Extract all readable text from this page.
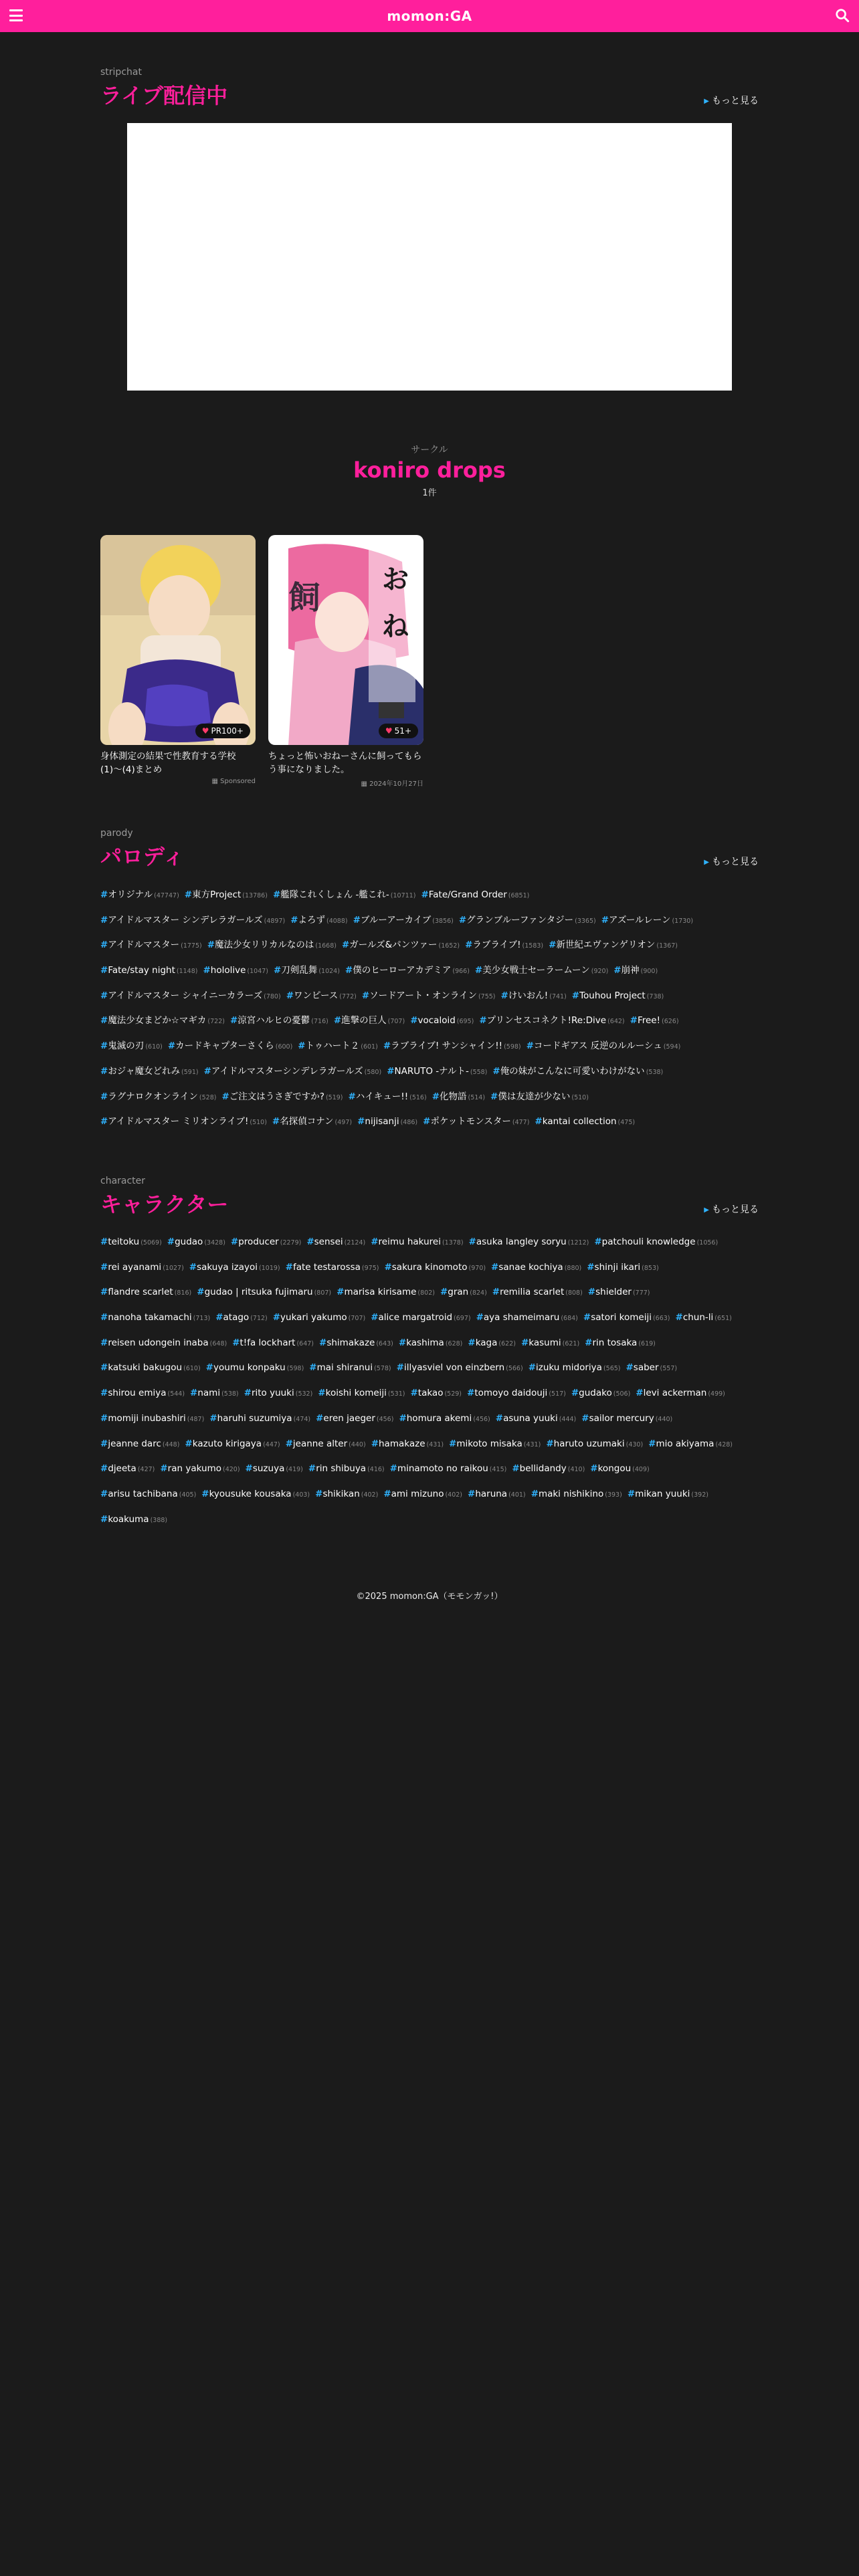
momon:GA
stripchat
ライブ配信中	▶ もっと見る
サークル
koniro drops
1件
♥ PR100+
身体測定の結果で性教育する学校(1)〜(4)まとめ
▦ Sponsored
お
ね
飼
♥ 51+
ちょっと怖いおねーさんに飼ってもらう事になりました。
▦ 2024年10月27日
parody
パロディ	▶ もっと見る
#オリジナル (47747) #東方Project (13786) #艦隊これくしょん -艦これ- (10711) #Fate/Grand Order (6851)
#アイドルマスター シンデレラガールズ (4897) #よろず (4088) #ブルーアーカイブ (3856) #グランブルーファンタジー (3365) #アズールレーン (1730)
#アイドルマスター (1775) #魔法少女リリカルなのは (1668) #ガールズ&パンツァー (1652) #ラブライブ! (1583) #新世紀エヴァンゲリオン (1367)
#Fate/stay night (1148) #hololive (1047) #刀剣乱舞 (1024) #僕のヒーローアカデミア (966) #美少女戦士セーラームーン (920) #崩神 (900)
#アイドルマスター シャイニーカラーズ (780) #ワンピース (772) #ソードアート・オンライン (755) #けいおん! (741) #Touhou Project (738)
#魔法少女まどか☆マギカ (722) #涼宮ハルヒの憂鬱 (716) #進撃の巨人 (707) #vocaloid (695) #プリンセスコネクト!Re:Dive (642) #Free! (626)
#鬼滅の刃 (610) #カードキャプターさくら (600) #トゥハート２ (601) #ラブライブ! サンシャイン!! (598) #コードギアス 反逆のルルーシュ (594)
#おジャ魔女どれみ (591) #アイドルマスターシンデレラガールズ (580) #NARUTO -ナルト- (558) #俺の妹がこんなに可愛いわけがない (538)
#ラグナロクオンライン (528) #ご注文はうさぎですか? (519) #ハイキュー!! (516) #化物語 (514) #僕は友達が少ない (510)
#アイドルマスター ミリオンライブ! (510) #名探偵コナン (497) #nijisanji (486) #ポケットモンスター (477) #kantai collection (475)
character
キャラクター	▶ もっと見る
#teitoku (5069) #gudao (3428) #producer (2279) #sensei (2124) #reimu hakurei (1378) #asuka langley soryu (1212) #patchouli knowledge (1056)
#rei ayanami (1027) #sakuya izayoi (1019) #fate testarossa (975) #sakura kinomoto (970) #sanae kochiya (880) #shinji ikari (853)
#flandre scarlet (816) #gudao | ritsuka fujimaru (807) #marisa kirisame (802) #gran (824) #remilia scarlet (808) #shielder (777)
#nanoha takamachi (713) #atago (712) #yukari yakumo (707) #alice margatroid (697) #aya shameimaru (684) #satori komeiji (663) #chun-li (651)
#reisen udongein inaba (648) #t!fa lockhart (647) #shimakaze (643) #kashima (628) #kaga (622) #kasumi (621) #rin tosaka (619)
#katsuki bakugou (610) #youmu konpaku (598) #mai shiranui (578) #illyasviel von einzbern (566) #izuku midoriya (565) #saber (557)
#shirou emiya (544) #nami (538) #rito yuuki (532) #koishi komeiji (531) #takao (529) #tomoyo daidouji (517) #gudako (506) #levi ackerman (499)
#momiji inubashiri (487) #haruhi suzumiya (474) #eren jaeger (456) #homura akemi (456) #asuna yuuki (444) #sailor mercury (440)
#jeanne darc (448) #kazuto kirigaya (447) #jeanne alter (440) #hamakaze (431) #mikoto misaka (431) #haruto uzumaki (430) #mio akiyama (428)
#djeeta (427) #ran yakumo (420) #suzuya (419) #rin shibuya (416) #minamoto no raikou (415) #bellidandy (410) #kongou (409)
#arisu tachibana (405) #kyousuke kousaka (403) #shikikan (402) #ami mizuno (402) #haruna (401) #maki nishikino (393) #mikan yuuki (392)
#koakuma (388)
©2025 momon:GA（モモンガッ!）
